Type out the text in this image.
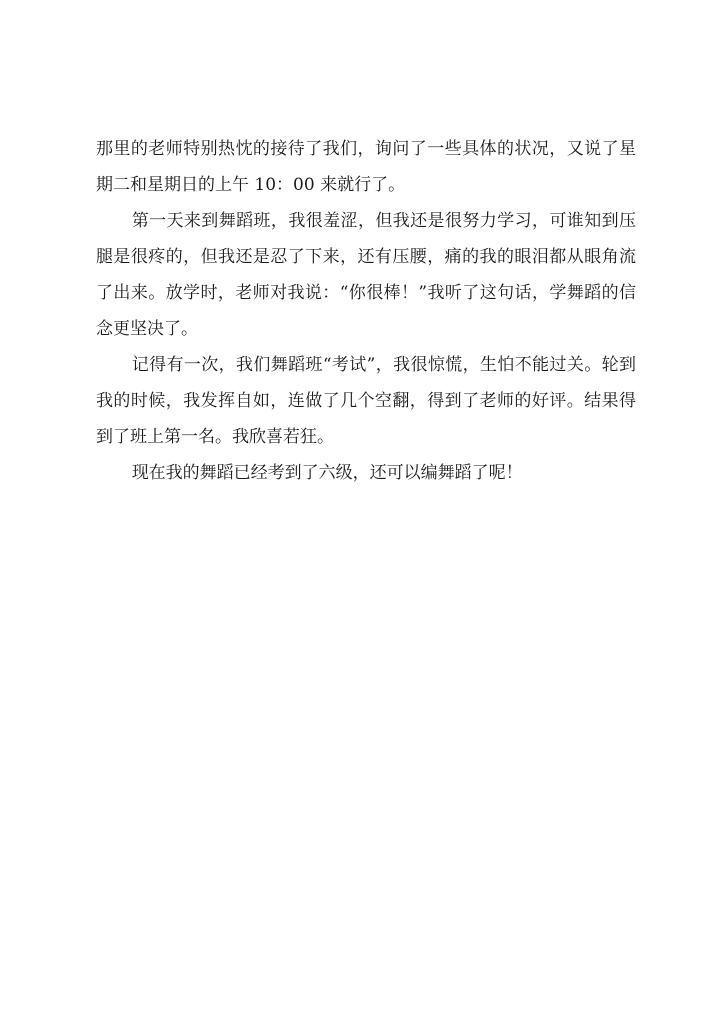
那里的老师特别热忱的接待了我们，询问了一些具体的状况，又说了星期二和星期日的上午 10：00 来就行了。

第一天来到舞蹈班，我很羞涩，但我还是很努力学习，可谁知到压腿是很疼的，但我还是忍了下来，还有压腰，痛的我的眼泪都从眼角流了出来。放学时，老师对我说：“你很棒！”我听了这句话，学舞蹈的信念更坚决了。

记得有一次，我们舞蹈班“考试”，我很惊慌，生怕不能过关。轮到我的时候，我发挥自如，连做了几个空翻，得到了老师的好评。结果得到了班上第一名。我欣喜若狂。

现在我的舞蹈已经考到了六级，还可以编舞蹈了呢！
